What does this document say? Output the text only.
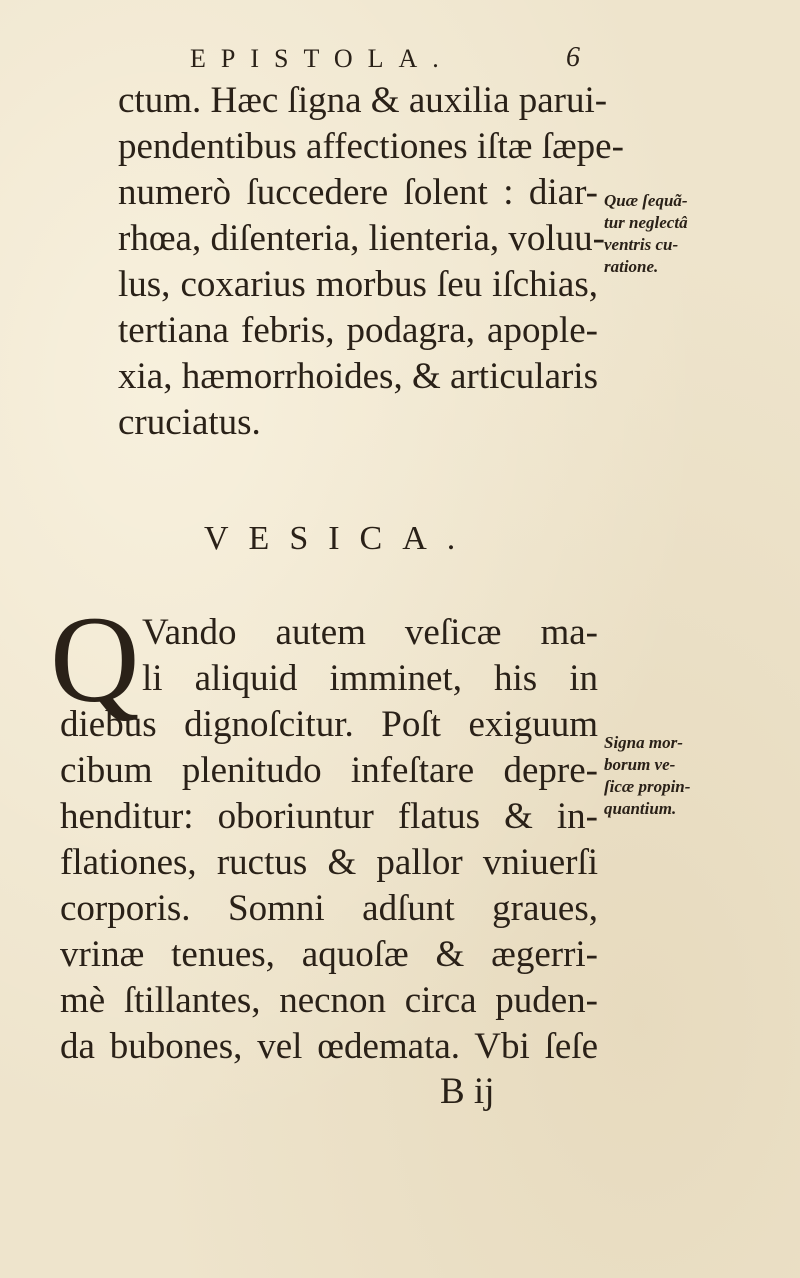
EPISTOLA.	6
ctum. Hæc ſigna & auxilia parui-
pendentibus affectiones iſtæ ſæpe-
numerò ſuccedere ſolent : diar-
rhœa, diſenteria, lienteria, voluu-
lus, coxarius morbus ſeu iſchias,
tertiana febris, podagra, apople-
xia, hæmorrhoides, & articularis
cruciatus.
Quæ ſequã-
tur neglectâ
ventris cu-
ratione.
VESICA.
Q Vando autem veſicæ ma-
li aliquid imminet, his in
diebus dignoſcitur. Poſt exiguum
cibum plenitudo infeſtare depre-
henditur: oboriuntur flatus & in-
flationes, ructus & pallor vniuerſi
corporis. Somni adſunt graues,
vrinæ tenues, aquoſæ & ægerri-
mè ſtillantes, necnon circa puden-
da bubones, vel œdemata. Vbi ſeſe
Signa mor-
borum ve-
ſicæ propin-
quantium.
B ij
